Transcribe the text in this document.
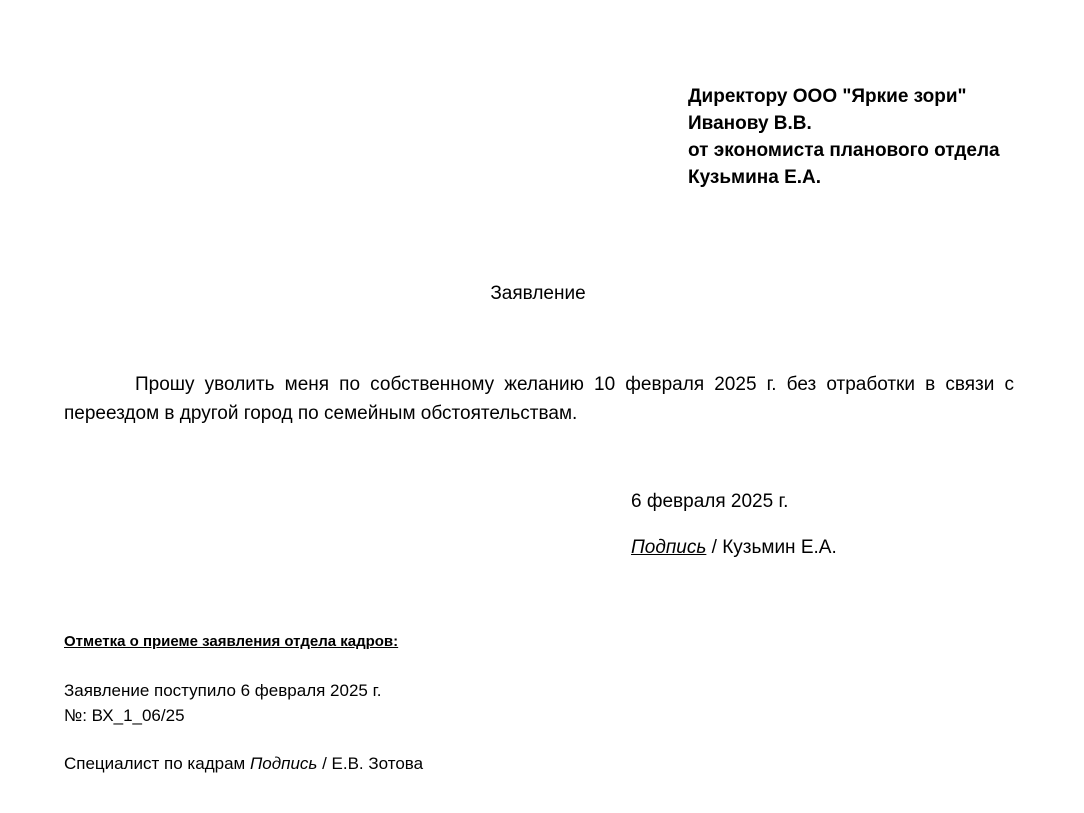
Директору ООО "Яркие зори"
Иванову В.В.
от экономиста планового отдела
Кузьмина Е.А.
Заявление
Прошу уволить меня по собственному желанию 10 февраля 2025 г. без отработки в связи с переездом в другой город по семейным обстоятельствам.
6 февраля 2025 г.
Подпись / Кузьмин Е.А.
Отметка о приеме заявления отдела кадров:
Заявление поступило 6 февраля 2025 г.
№: ВХ_1_06/25
Специалист по кадрам Подпись / Е.В. Зотова
